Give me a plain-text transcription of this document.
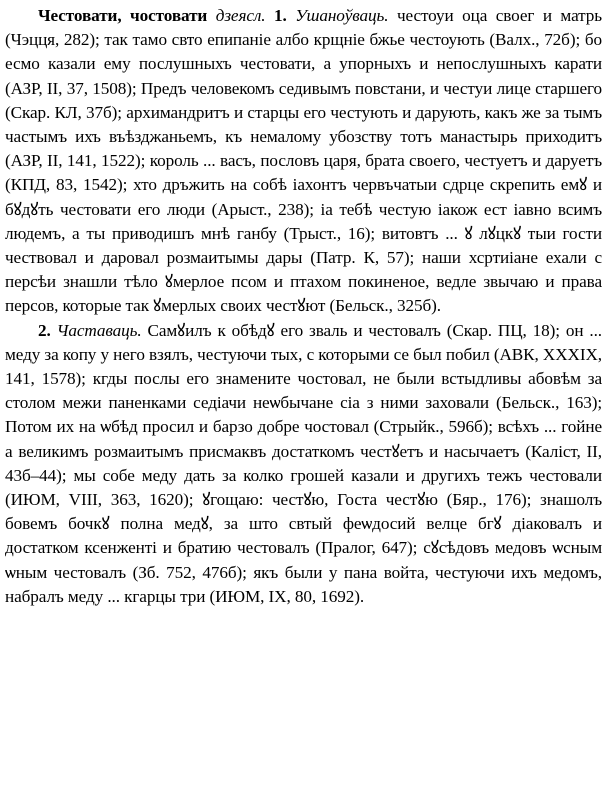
Честовати, чостовати дзеясл. 1. Ушаноўваць. честоуи оца своег и матрь (Чэцця, 282); так тамо свто епипаніе албо крщніе бжье честоують (Валх., 72б); бо есмо казали ему послушныхъ честовати, а упорныхъ и непослушныхъ карати (АЗР, II, 37, 1508); Предъ человекомъ седивымъ повстани, и честуи лице старшего (Скар. КЛ, 37б); архимандритъ и старцы его честують и дарують, какъ же за тымъ частымъ ихъ въѣзджаньемъ, къ немалому убозству тотъ манастырь приходитъ (АЗР, II, 141, 1522); король ... васъ, пословъ царя, брата своего, честуетъ и даруетъ (КПД, 83, 1542); хто дръжить на собѣ іахонтъ червъчатыи сдрце скрепить емꙋ и бꙋдꙋть честовати его люди (Арыст., 238); іа тебѣ честую іакож ест іавно всимъ людемъ, а ты приводишъ мнѣ ганбу (Трыст., 16); витовтъ ... ꙋ лꙋцкꙋ тыи гости чествовал и даровал розмаитымы дары (Патр. К, 57); наши хсртиіане ехали с персѣи знашли тѣло ꙋмерлое псом и птахом покиненое, ведле звычаю и права персов, которые так ꙋмерлых своих честꙋют (Бельск., 325б).

2. Частаваць. Самꙋилъ к обѣдꙋ его зваль и честовалъ (Скар. ПЦ, 18); он ... меду за копу у него взялъ, честуючи тых, с которыми се был побил (АВК, XXXIX, 141, 1578); кгды послы его знамените чостовал, не были встыдливы абовѣм за столом межи паненками седіачи неѡбычане сіа з ними заховали (Бельск., 163); Потом их на ѡбѣд просил и барзо добре чостовал (Стрыйк., 596б); всѣхъ ... гойне а великимъ розмаитымъ присмаквъ достаткомъ честꙋетъ и насычаетъ (Каліст, II, 43б–44); мы собе меду дать за колко грошей казали и другихъ тежъ честовали (ИЮМ, VIII, 363, 1620); ꙋгощаю: честꙋю, Госта честꙋю (Бяр., 176); знашолъ бовемъ бочкꙋ полна медꙋ, за што свтый феѡдосий велце бгꙋ діаковалъ и достатком ксенженті и братию честовалъ (Пралог, 647); сꙋсѣдовъ медовъ ѡсным ѡным честовалъ (Зб. 752, 476б); якъ были у пана войта, честуючи ихъ медомъ, набралъ меду ... кгарцы три (ИЮМ, IX, 80, 1692).
